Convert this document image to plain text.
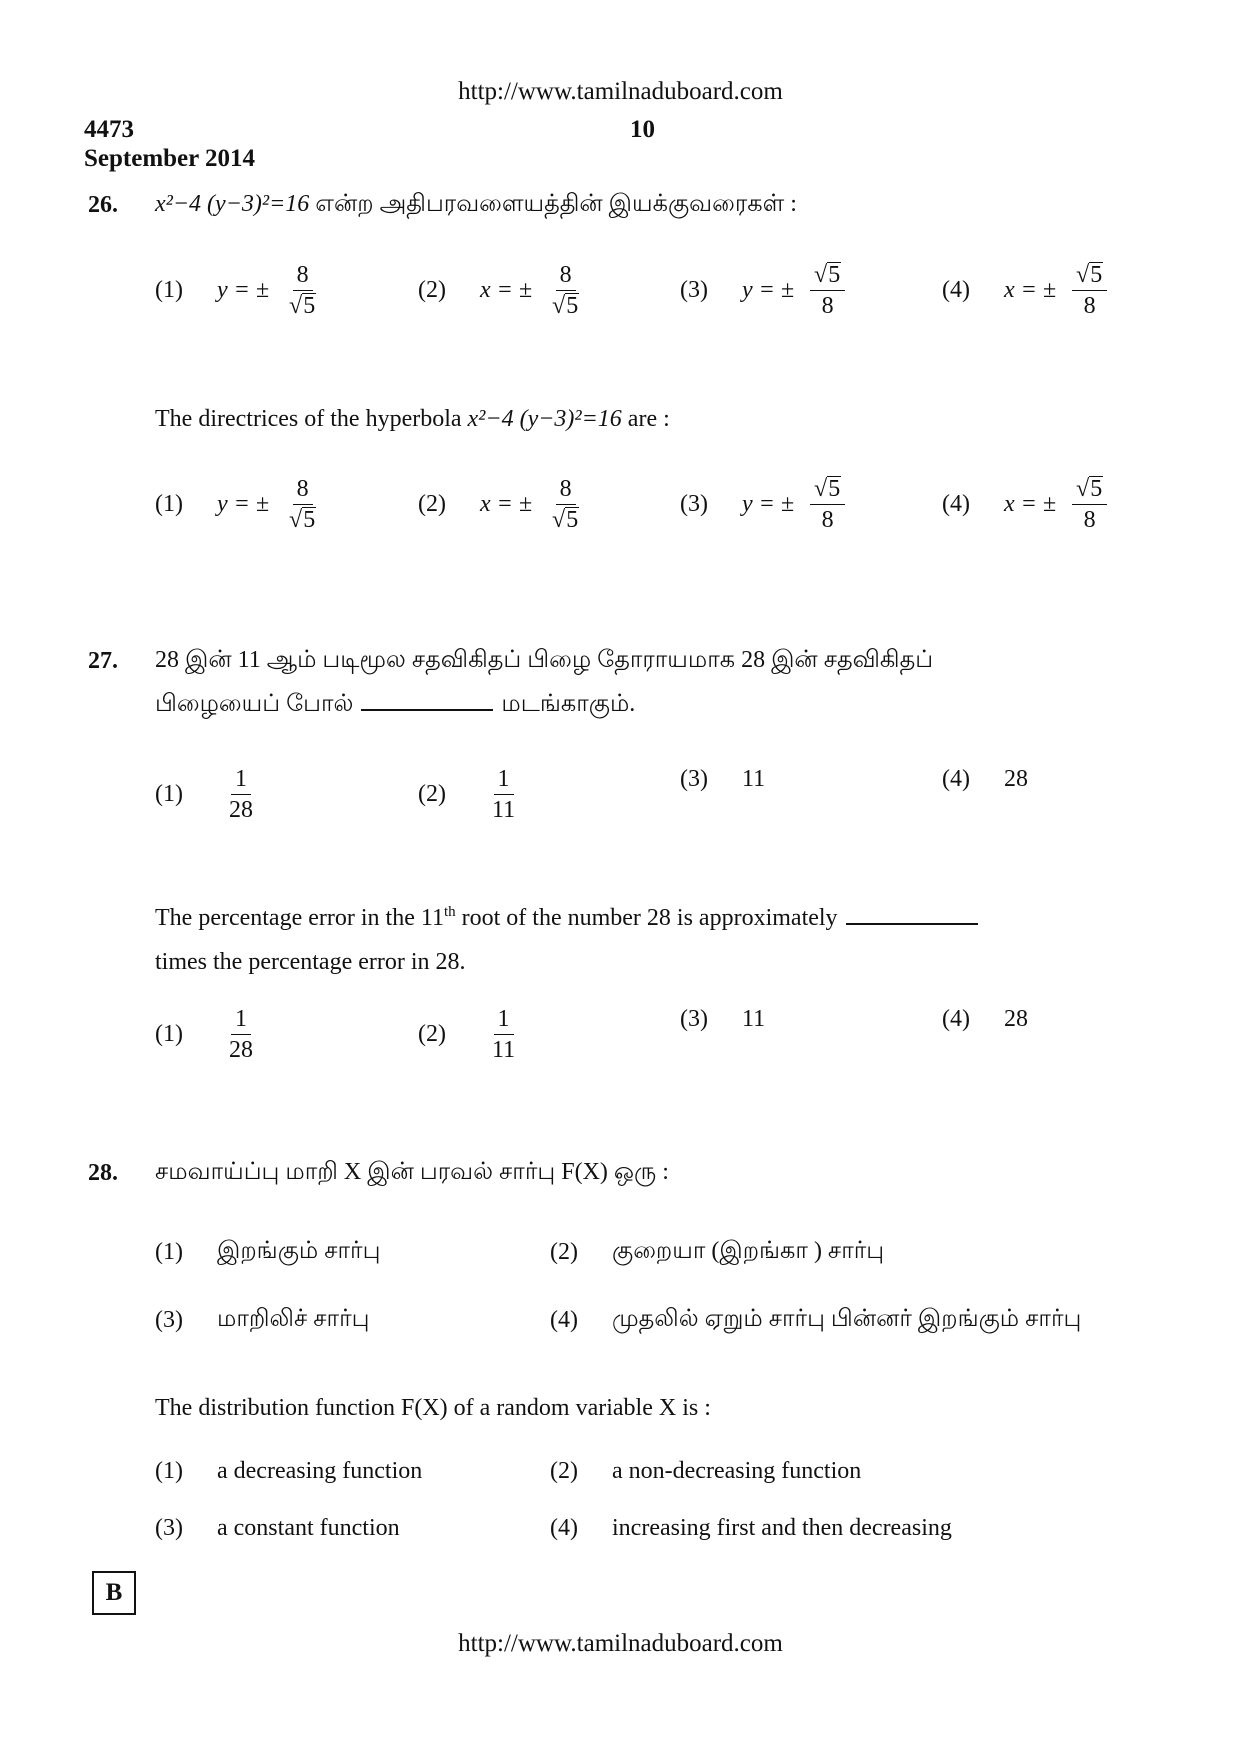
http://www.tamilnaduboard.com
4473	10
September 2014
26. x²−4 (y−3)²=16 என்ற அதிபரவளையத்தின் இயக்குவரைகள் :
(1)	y = ± $\frac{8}{√ 5}$	(2)	x = ± $\frac{8}{√ 5}$	(3)	y = ± $\frac{√ 5}{8}$	(4)	x = ± $\frac{√ 5}{8}$
The directrices of the hyperbola x²−4 (y−3)²=16 are :
(1)	y = ± $\frac{8}{√ 5}$	(2)	x = ± $\frac{8}{√ 5}$	(3)	y = ± $\frac{√ 5}{8}$	(4)	x = ± $\frac{√ 5}{8}$
27. 28 இன் 11 ஆம் படிமூல சதவிகிதப் பிழை தோராயமாக 28 இன் சதவிகிதப்
பிழையைப் போல்	மடங்காகும்.
(1)	$\frac{1}{28}$	(2)	$\frac{1}{11}$	(3)	11	(4)	28
The percentage error in the 11th root of the number 28 is approximately
times the percentage error in 28.
(1)	$\frac{1}{28}$	(2)	$\frac{1}{11}$	(3)	11	(4)	28
28. சமவாய்ப்பு மாறி X இன் பரவல் சார்பு F(X) ஒரு :
(1)	இறங்கும் சார்பு	(2)	குறையா (இறங்கா ) சார்பு
(3)	மாறிலிச் சார்பு	(4)	முதலில் ஏறும் சார்பு பின்னர் இறங்கும் சார்பு
The distribution function F(X) of a random variable X is :
(1)	a decreasing function	(2)	a non-decreasing function
(3)	a constant function	(4)	increasing first and then decreasing
B
http://www.tamilnaduboard.com
